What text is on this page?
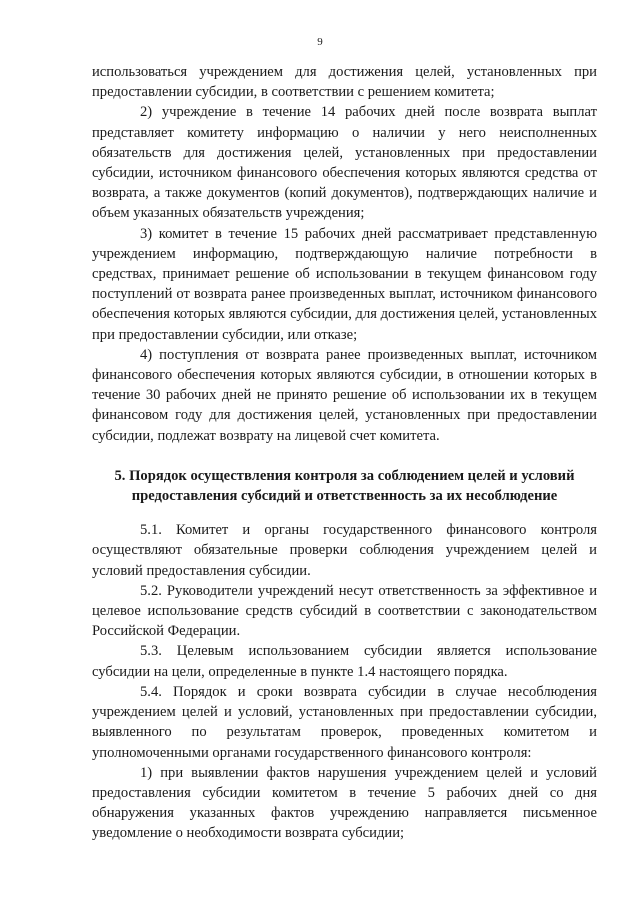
9

использоваться учреждением для достижения целей, установленных при предоставлении субсидии, в соответствии с решением комитета;

2) учреждение в течение 14 рабочих дней после возврата выплат представляет комитету информацию о наличии у него неисполненных обязательств для достижения целей, установленных при предоставлении субсидии, источником финансового обеспечения которых являются средства от возврата, а также документов (копий документов), подтверждающих наличие и объем указанных обязательств учреждения;

3) комитет в течение 15 рабочих дней рассматривает представленную учреждением информацию, подтверждающую наличие потребности в средствах, принимает решение об использовании в текущем финансовом году поступлений от возврата ранее произведенных выплат, источником финансового обеспечения которых являются субсидии, для достижения целей, установленных при предоставлении субсидии, или отказе;

4) поступления от возврата ранее произведенных выплат, источником финансового обеспечения которых являются субсидии, в отношении которых в течение 30 рабочих дней не принято решение об использовании их в текущем финансовом году для достижения целей, установленных при предоставлении субсидии, подлежат возврату на лицевой счет комитета.

5. Порядок осуществления контроля за соблюдением целей и условий предоставления субсидий и ответственность за их несоблюдение

5.1. Комитет и органы государственного финансового контроля осуществляют обязательные проверки соблюдения учреждением целей и условий предоставления субсидии.

5.2. Руководители учреждений несут ответственность за эффективное и целевое использование средств субсидий в соответствии с законодательством Российской Федерации.

5.3. Целевым использованием субсидии является использование субсидии на цели, определенные в пункте 1.4 настоящего порядка.

5.4. Порядок и сроки возврата субсидии в случае несоблюдения учреждением целей и условий, установленных при предоставлении субсидии, выявленного по результатам проверок, проведенных комитетом и уполномоченными органами государственного финансового контроля:

1) при выявлении фактов нарушения учреждением целей и условий предоставления субсидии комитетом в течение 5 рабочих дней со дня обнаружения указанных фактов учреждению направляется письменное уведомление о необходимости возврата субсидии;
